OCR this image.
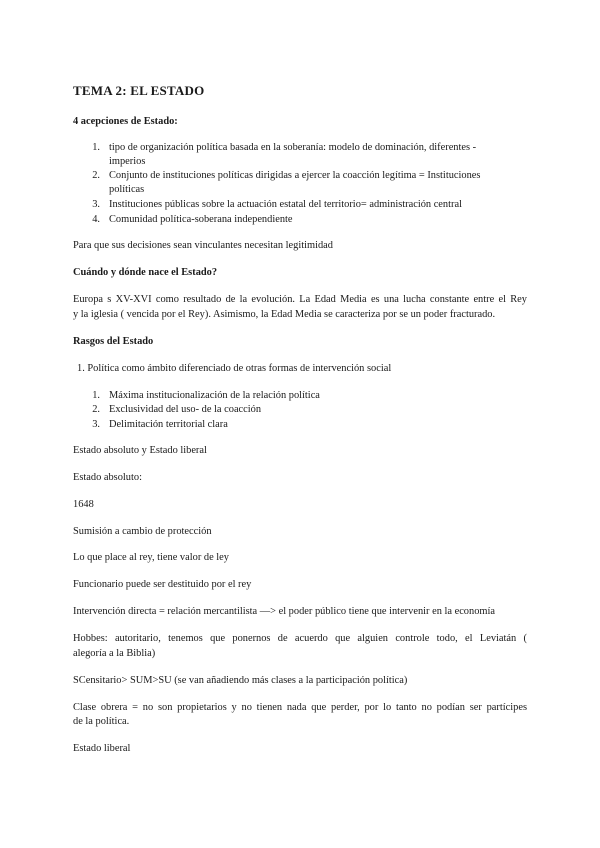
TEMA 2: EL ESTADO
4 acepciones de Estado:
1. tipo de organización política basada en la soberanía: modelo de dominación, diferentes -
imperios
2. Conjunto de instituciones políticas dirigidas a ejercer la coacción legítima = Instituciones
políticas
3. Instituciones públicas sobre la actuación estatal del territorio= administración central
4. Comunidad política-soberana independiente
Para que sus decisiones sean vinculantes necesitan legitimidad
Cuándo y dónde nace el Estado?
Europa s XV-XVI como resultado de la evolución. La Edad Media es una lucha constante entre el Rey
y la iglesia ( vencida por el Rey). Asimismo, la Edad Media se caracteriza por se un poder fracturado.
Rasgos del Estado
1. Política como ámbito diferenciado de otras formas de intervención social
1. Máxima institucionalización de la relación política
2. Exclusividad del uso- de la coacción
3. Delimitación territorial clara
Estado absoluto y Estado liberal
Estado absoluto:
1648
Sumisión a cambio de protección
Lo que place al rey, tiene valor de ley
Funcionario puede ser destituido por el rey
Intervención directa = relación mercantilista —> el poder público tiene que intervenir en la economía
Hobbes: autoritario, tenemos que ponernos de acuerdo que alguien controle todo, el Leviatán (
alegoría a la Biblia)
SCensitario> SUM>SU (se van añadiendo más clases a la participación política)
Clase obrera = no son propietarios y no tienen nada que perder, por lo tanto no podían ser partícipes
de la política.
Estado liberal
